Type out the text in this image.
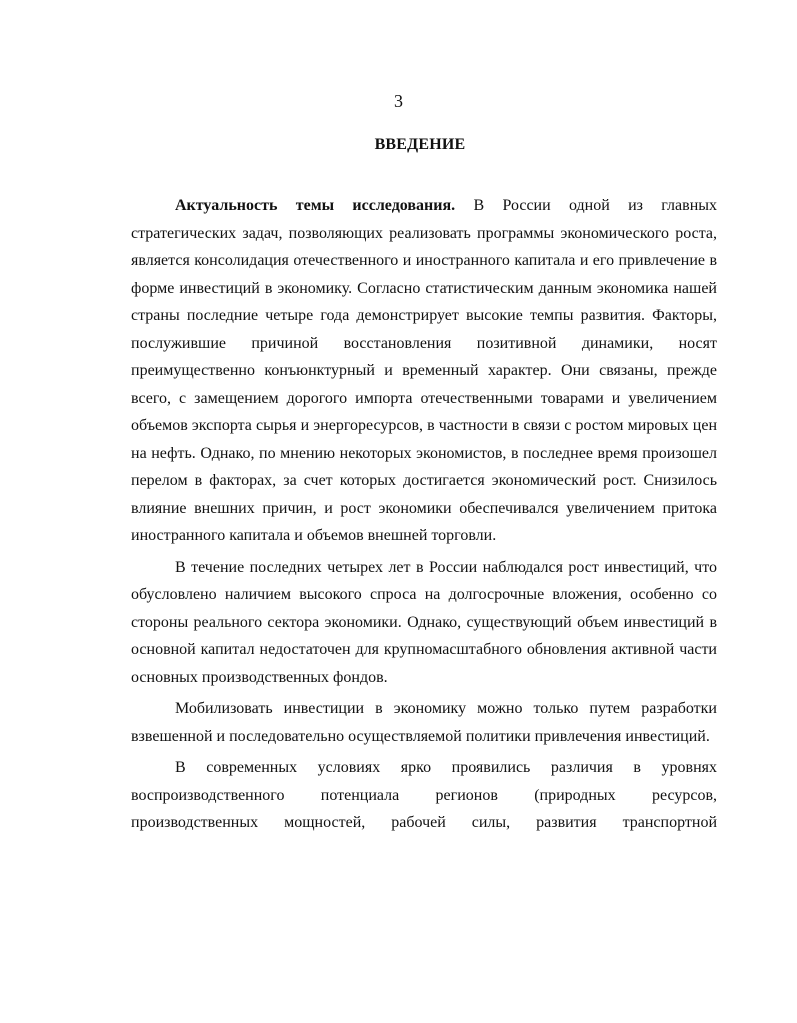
3
ВВЕДЕНИЕ

Актуальность темы исследования. В России одной из главных стратегических задач, позволяющих реализовать программы экономического роста, является консолидация отечественного и иностранного капитала и его привлечение в форме инвестиций в экономику. Согласно статистическим данным экономика нашей страны последние четыре года демонстрирует высокие темпы развития. Факторы, послужившие причиной восстановления позитивной динамики, носят преимущественно конъюнктурный и временный характер. Они связаны, прежде всего, с замещением дорогого импорта отечественными товарами и увеличением объемов экспорта сырья и энергоресурсов, в частности в связи с ростом мировых цен на нефть. Однако, по мнению некоторых экономистов, в последнее время произошел перелом в факторах, за счет которых достигается экономический рост. Снизилось влияние внешних причин, и рост экономики обеспечивался увеличением притока иностранного капитала и объемов внешней торговли.

В течение последних четырех лет в России наблюдался рост инвестиций, что обусловлено наличием высокого спроса на долгосрочные вложения, особенно со стороны реального сектора экономики. Однако, существующий объем инвестиций в основной капитал недостаточен для крупномасштабного обновления активной части основных производственных фондов.

Мобилизовать инвестиции в экономику можно только путем разработки взвешенной и последовательно осуществляемой политики привлечения инвестиций.

В современных условиях ярко проявились различия в уровнях воспроизводственного потенциала регионов (природных ресурсов, производственных мощностей, рабочей силы, развития транспортной
